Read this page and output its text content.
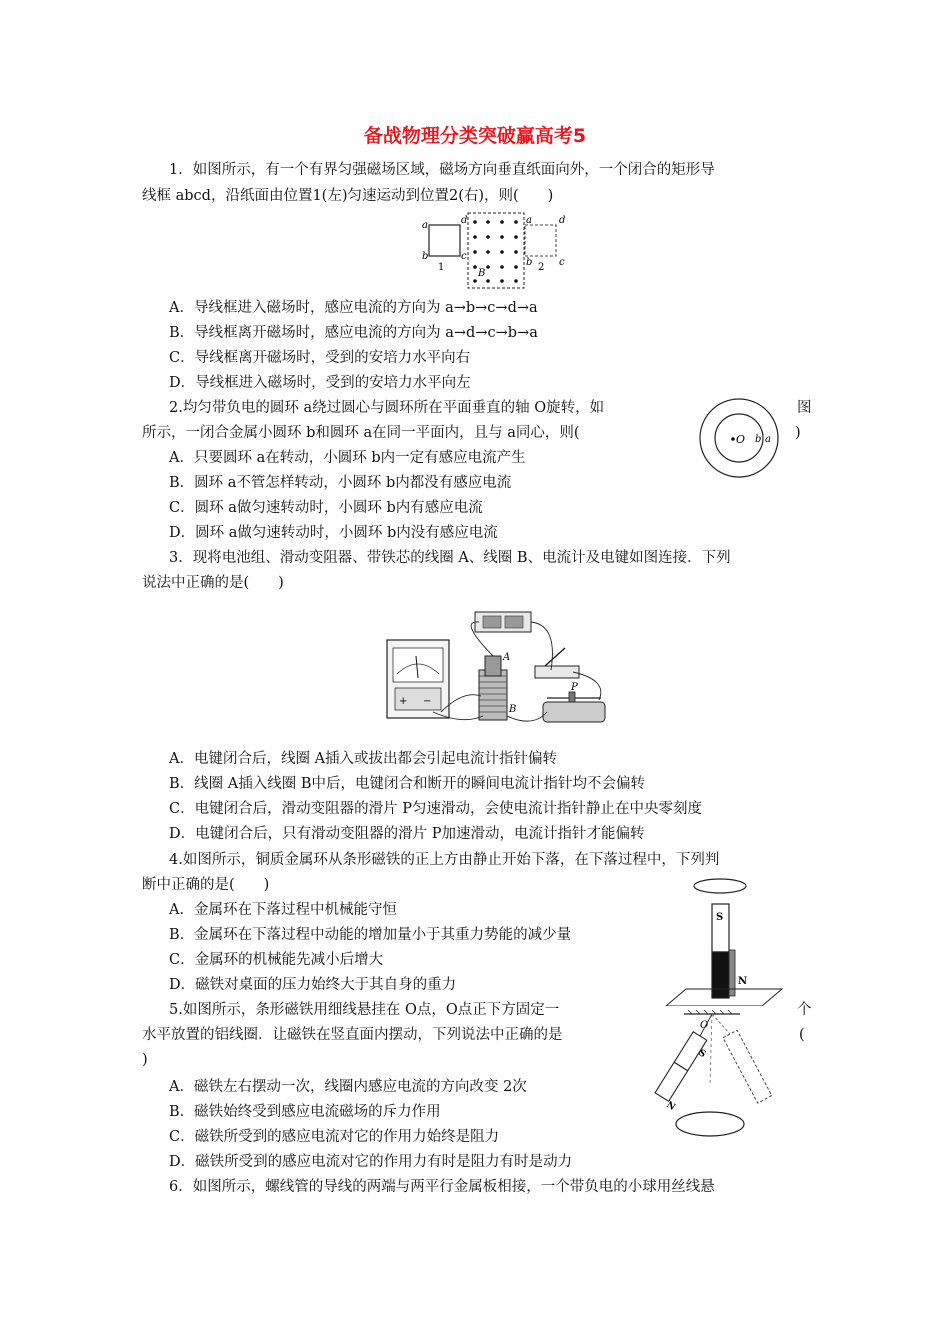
备战物理分类突破赢高考5
1．如图所示，有一个有界匀强磁场区域，磁场方向垂直纸面向外，一个闭合的矩形导
线框 abcd，沿纸面由位置1(左)匀速运动到位置2(右)，则(　　)
a
b
1
d
c
B
a	d
b	c
2
A．导线框进入磁场时，感应电流的方向为 a→b→c→d→a
B．导线框离开磁场时，感应电流的方向为 a→d→c→b→a
C．导线框离开磁场时，受到的安培力水平向右
D．导线框进入磁场时，受到的安培力水平向左
2.均匀带负电的圆环 a绕过圆心与圆环所在平面垂直的轴 O旋转，如	图
所示，一闭合金属小圆环 b和圆环 a在同一平面内，且与 a同心，则(	)
O b a
A．只要圆环 a在转动，小圆环 b内一定有感应电流产生
B．圆环 a不管怎样转动，小圆环 b内都没有感应电流
C．圆环 a做匀速转动时，小圆环 b内有感应电流
D．圆环 a做匀速转动时，小圆环 b内没有感应电流
3．现将电池组、滑动变阻器、带铁芯的线圈 A、线圈 B、电流计及电键如图连接．下列
说法中正确的是(　　)
+ −
A
B
P
A．电键闭合后，线圈 A插入或拔出都会引起电流计指针偏转
B．线圈 A插入线圈 B中后，电键闭合和断开的瞬间电流计指针均不会偏转
C．电键闭合后，滑动变阻器的滑片 P匀速滑动，会使电流计指针静止在中央零刻度
D．电键闭合后，只有滑动变阻器的滑片 P加速滑动，电流计指针才能偏转
4.如图所示，铜质金属环从条形磁铁的正上方由静止开始下落，在下落过程中，下列判
断中正确的是(　　)
S
N
A．金属环在下落过程中机械能守恒
B．金属环在下落过程中动能的增加量小于其重力势能的减少量
C．金属环的机械能先减小后增大
D．磁铁对桌面的压力始终大于其自身的重力
5.如图所示，条形磁铁用细线悬挂在 O点，O点正下方固定一	个
水平放置的铝线圈．让磁铁在竖直面内摆动，下列说法中正确的是	(
)
O
S
N
A．磁铁左右摆动一次，线圈内感应电流的方向改变 2次
B．磁铁始终受到感应电流磁场的斥力作用
C．磁铁所受到的感应电流对它的作用力始终是阻力
D．磁铁所受到的感应电流对它的作用力有时是阻力有时是动力
6．如图所示，螺线管的导线的两端与两平行金属板相接，一个带负电的小球用丝线悬
